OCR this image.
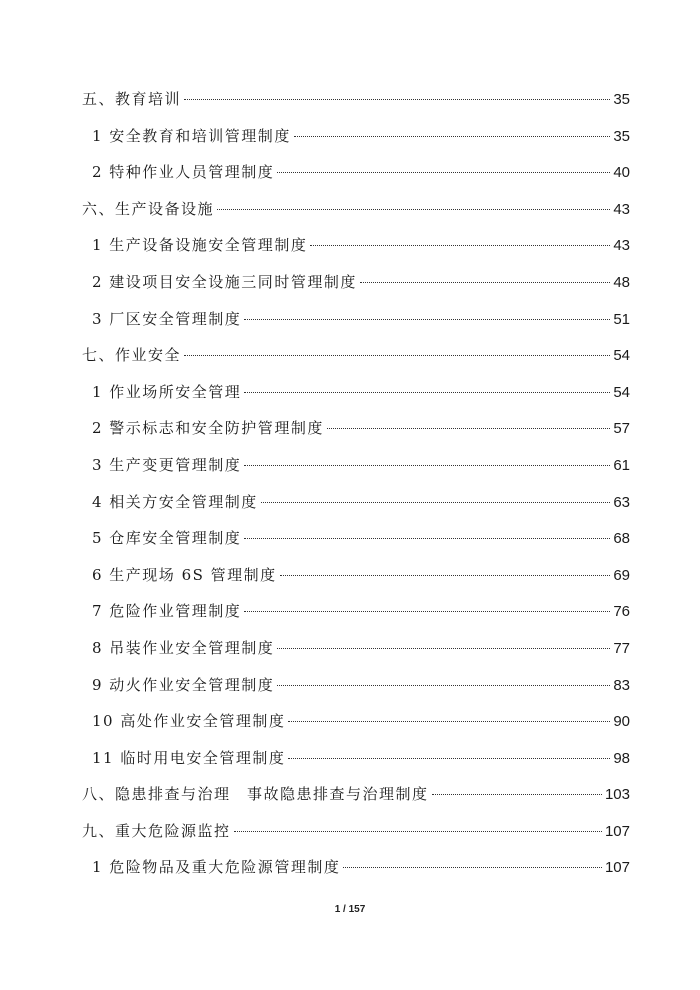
五、教育培训	35
1 安全教育和培训管理制度	35
2 特种作业人员管理制度	40
六、生产设备设施	43
1 生产设备设施安全管理制度	43
2 建设项目安全设施三同时管理制度	48
3 厂区安全管理制度	51
七、作业安全	54
1 作业场所安全管理	54
2 警示标志和安全防护管理制度	57
3 生产变更管理制度	61
4 相关方安全管理制度	63
5 仓库安全管理制度	68
6 生产现场 6S 管理制度	69
7 危险作业管理制度	76
8 吊装作业安全管理制度	77
9 动火作业安全管理制度	83
10 高处作业安全管理制度	90
11 临时用电安全管理制度	98
八、隐患排查与治理　事故隐患排查与治理制度	103
九、重大危险源监控	107
1 危险物品及重大危险源管理制度	107
1 / 157
